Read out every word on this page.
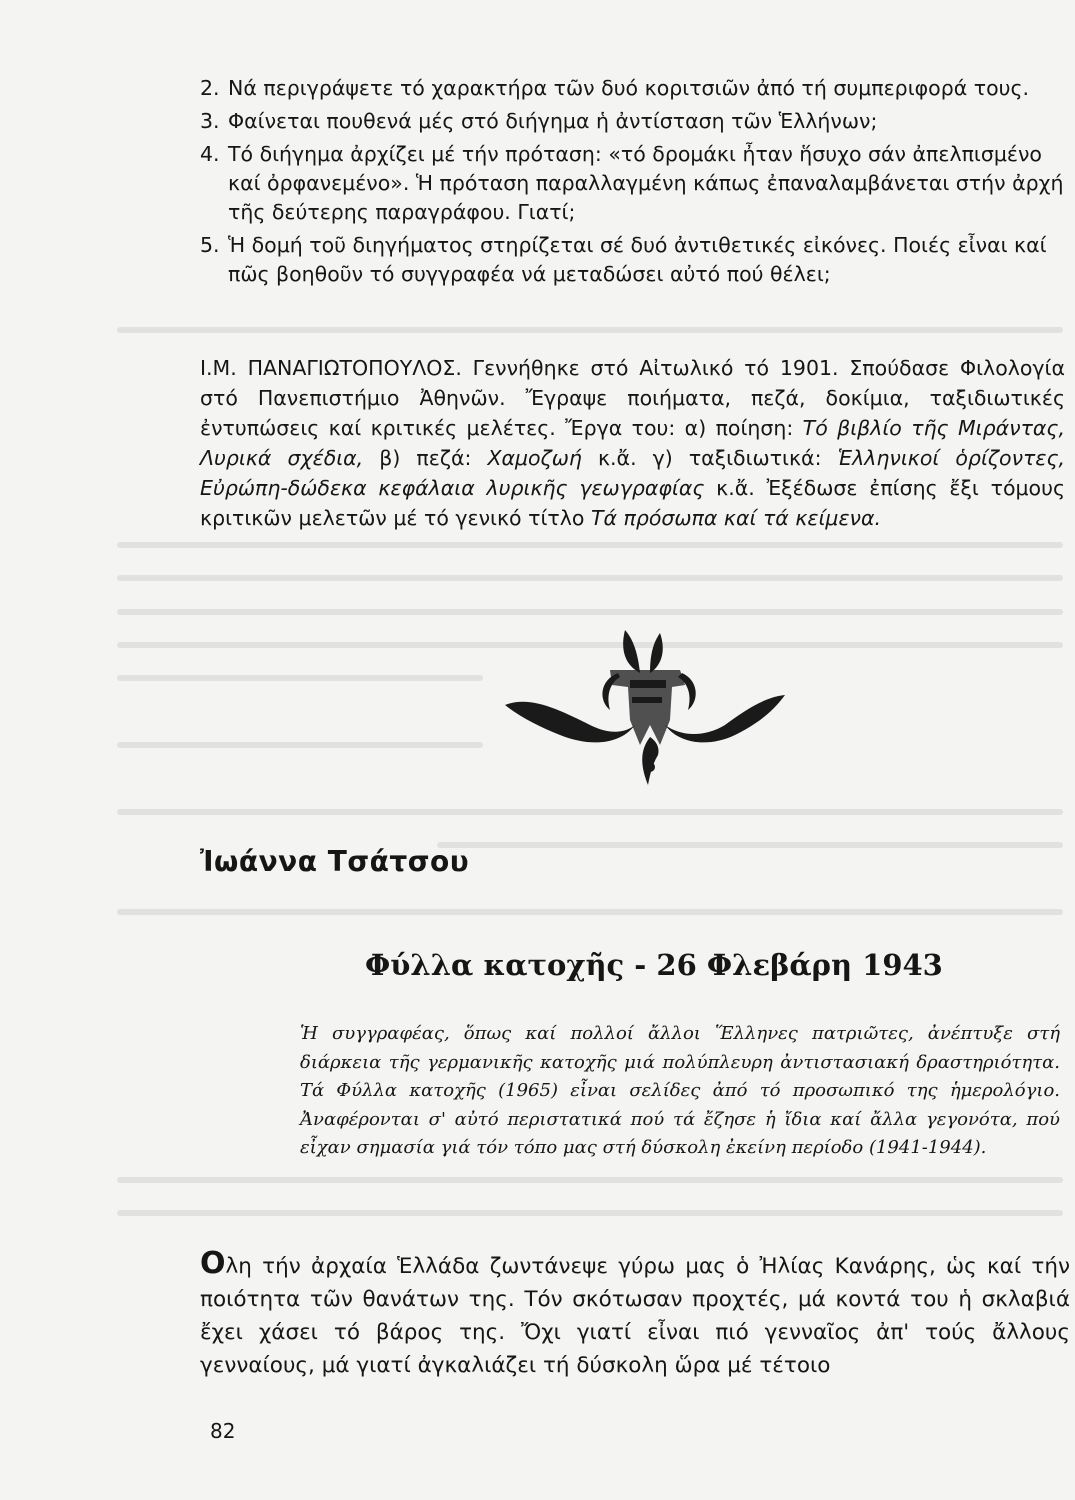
2. Νά περιγράψετε τό χαρακτήρα τῶν δυό κοριτσιῶν ἀπό τή συμπεριφορά τους.
3. Φαίνεται πουθενά μές στό διήγημα ἡ ἀντίσταση τῶν Ἑλλήνων;
4. Τό διήγημα ἀρχίζει μέ τήν πρόταση: «τό δρομάκι ἦταν ἥσυχο σάν ἀπελπισμένο καί ὀρφανεμένο». Ἡ πρόταση παραλλαγμένη κάπως ἐπαναλαμβάνεται στήν ἀρχή τῆς δεύτερης παραγράφου. Γιατί;
5. Ἡ δομή τοῦ διηγήματος στηρίζεται σέ δυό ἀντιθετικές εἰκόνες. Ποιές εἶναι καί πῶς βοηθοῦν τό συγγραφέα νά μεταδώσει αὐτό πού θέλει;
Ι.Μ. ΠΑΝΑΓΙΩΤΟΠΟΥΛΟΣ. Γεννήθηκε στό Αἰτωλικό τό 1901. Σπούδασε Φιλολογία στό Πανεπιστήμιο Ἀθηνῶν. Ἔγραψε ποιήματα, πεζά, δοκίμια, ταξιδιωτικές ἐντυπώσεις καί κριτικές μελέτες. Ἔργα του: α) ποίηση: Τό βιβλίο τῆς Μιράντας, Λυρικά σχέδια, β) πεζά: Χαμοζωή κ.ἄ. γ) ταξιδιωτικά: Ἑλληνικοί ὁρίζοντες, Εὐρώπη-δώδεκα κεφάλαια λυρικῆς γεωγραφίας κ.ἄ. Ἐξέδωσε ἐπίσης ἔξι τόμους κριτικῶν μελετῶν μέ τό γενικό τίτλο Τά πρόσωπα καί τά κείμενα.
Ἰωάννα Τσάτσου
Φύλλα κατοχῆς - 26 Φλεβάρη 1943
Ἡ συγγραφέας, ὅπως καί πολλοί ἄλλοι Ἕλληνες πατριῶτες, ἀνέπτυξε στή διάρκεια τῆς γερμανικῆς κατοχῆς μιά πολύπλευρη ἀντιστασιακή δραστηριότητα. Τά Φύλλα κατοχῆς (1965) εἶναι σελίδες ἀπό τό προσωπικό της ἡμερολόγιο. Ἀναφέρονται σ' αὐτό περιστατικά πού τά ἔζησε ἡ ἴδια καί ἄλλα γεγονότα, πού εἶχαν σημασία γιά τόν τόπο μας στή δύσκολη ἐκείνη περίοδο (1941-1944).
Ολη τήν ἀρχαία Ἑλλάδα ζωντάνεψε γύρω μας ὁ Ἠλίας Κανάρης, ὡς καί τήν ποιότητα τῶν θανάτων της. Τόν σκότωσαν προχτές, μά κοντά του ἡ σκλαβιά ἔχει χάσει τό βάρος της. Ὄχι γιατί εἶναι πιό γενναῖος ἀπ' τούς ἄλλους γενναίους, μά γιατί ἀγκαλιάζει τή δύσκολη ὥρα μέ τέτοιο
82
